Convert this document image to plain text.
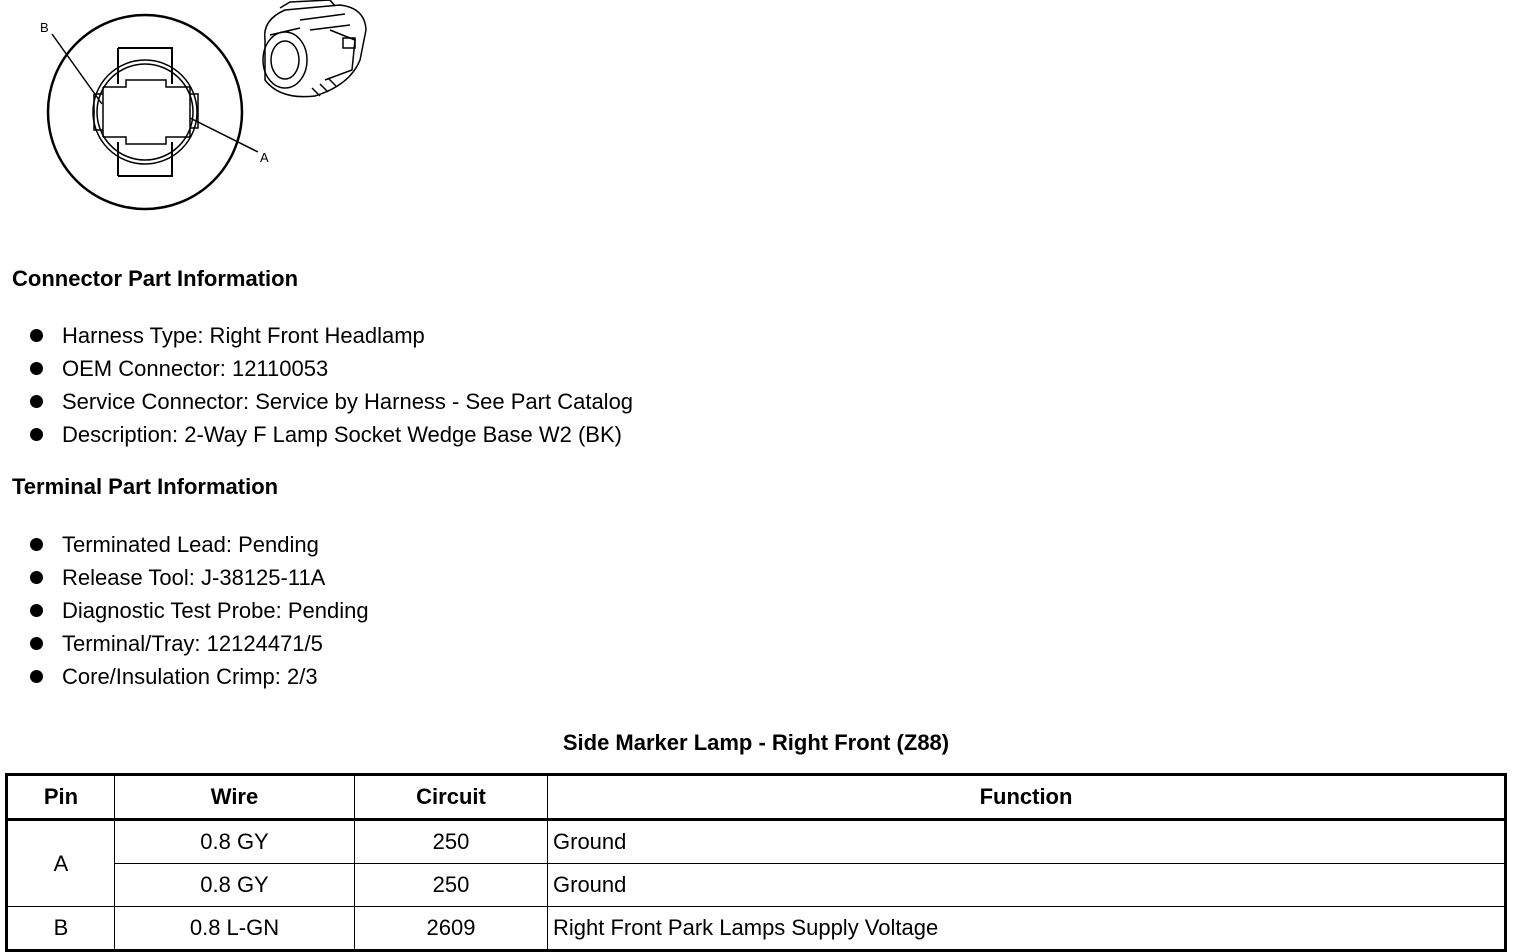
B
A
Connector Part Information
Harness Type: Right Front Headlamp
OEM Connector: 12110053
Service Connector: Service by Harness - See Part Catalog
Description: 2-Way F Lamp Socket Wedge Base W2 (BK)
Terminal Part Information
Terminated Lead: Pending
Release Tool: J-38125-11A
Diagnostic Test Probe: Pending
Terminal/Tray: 12124471/5
Core/Insulation Crimp: 2/3
Side Marker Lamp - Right Front (Z88)
Pin	Wire	Circuit	Function
A	0.8 GY	250	Ground
	0.8 GY	250	Ground
B	0.8 L-GN	2609	Right Front Park Lamps Supply Voltage
